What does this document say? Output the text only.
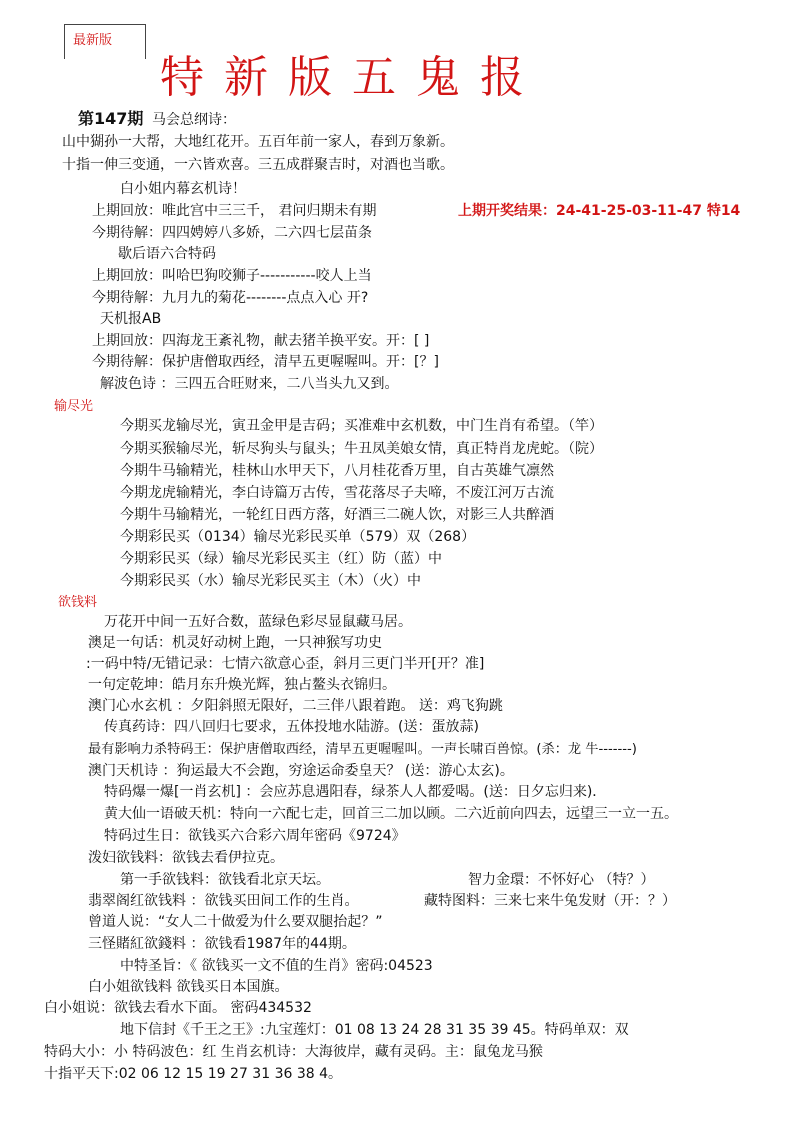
最新版
特新版五鬼报
第147期 马会总纲诗：
山中猢孙一大帮，大地红花开。五百年前一家人，春到万象新。
十指一伸三变通，一六皆欢喜。三五成群聚吉时，对酒也当歌。
白小姐内幕玄机诗！
上期回放：唯此宫中三三千， 君问归期未有期	上期开奖结果：24-41-25-03-11-47 特14
今期待解：四四娉婷八多娇，二六四七层苗条
歇后语六合特码
上期回放：叫哈巴狗咬狮子-----------咬人上当
今期待解：九月九的菊花--------点点入心 开?
天机报AB
上期回放：四海龙王紊礼物，献去猪羊换平安。开：[ ]
今期待解：保护唐僧取西经，清早五更喔喔叫。开：[？]
解波色诗 ：三四五合旺财来，二八当头九又到。
输尽光
今期买龙输尽光，寅丑金甲是吉码；买准难中玄机数，中门生肖有希望。（竿）
今期买猴输尽光，斩尽狗头与鼠头；牛丑凤美娘女情，真正特肖龙虎蛇。（院）
今期牛马输精光，桂林山水甲天下，八月桂花香万里，自古英雄气凛然
今期龙虎输精光，李白诗篇万古传，雪花落尽子夫啼，不废江河万古流
今期牛马输精光，一轮红日西方落，好酒三二碗人饮，对影三人共醉酒
今期彩民买（0134）输尽光彩民买单（579）双（268）
今期彩民买（绿）输尽光彩民买主（红）防（蓝）中
今期彩民买（水）输尽光彩民买主（木）（火）中
欲钱料
万花开中间一五好合数，蓝绿色彩尽显鼠藏马居。
澳足一句话：机灵好动树上跑，一只神猴写功史
:一码中特/无错记录：七情六欲意心歪，斜月三更门半开[开？准]
一句定乾坤：皓月东升焕光辉，独占鳌头衣锦归。
澳门心水玄机 ：夕阳斜照无限好，二三伴八跟着跑。 送：鸡飞狗跳
传真药诗：四八回归七要求，五体投地水陆游。(送：蛋放蒜)
最有影响力杀特码王：保护唐僧取西经，清早五更喔喔叫。一声长啸百兽惊。(杀：龙 牛-------)
澳门天机诗 ：狗运最大不会跑，穷途运命委皇天？ (送：游心太玄)。
特码爆一爆[一肖玄机] ：会应苏息遇阳春，绿茶人人都爱喝。(送：日夕忘归来)．
黄大仙一语破天机：特向一六配七走，回首三二加以顾。二六近前向四去，远望三一立一五。
特码过生日：欲钱买六合彩六周年密码《9724》
泼妇欲钱料：欲钱去看伊拉克。
第一手欲钱料：欲钱看北京天坛。	智力金環：不怀好心 （特？）
翡翠阁红欲钱料 ：欲钱买田间工作的生肖。	藏特图料：三来七来牛兔发财（开：？）
曾道人说：“女人二十做爱为什么要双腿抬起？”
三怪賭紅欲錢料 ：欲钱看1987年的44期。
中特圣旨：《 欲钱买一文不值的生肖》密码:04523
白小姐欲钱料 欲钱买日本国旗。
白小姐说：欲钱去看水下面。 密码434532
地下信封《千王之王》:九宝莲灯：01 08 13 24 28 31 35 39 45。特码单双：双
特码大小：小 特码波色：红 生肖玄机诗：大海彼岸，藏有灵码。主：鼠兔龙马猴
十指平天下:02 06 12 15 19 27 31 36 38 4。
